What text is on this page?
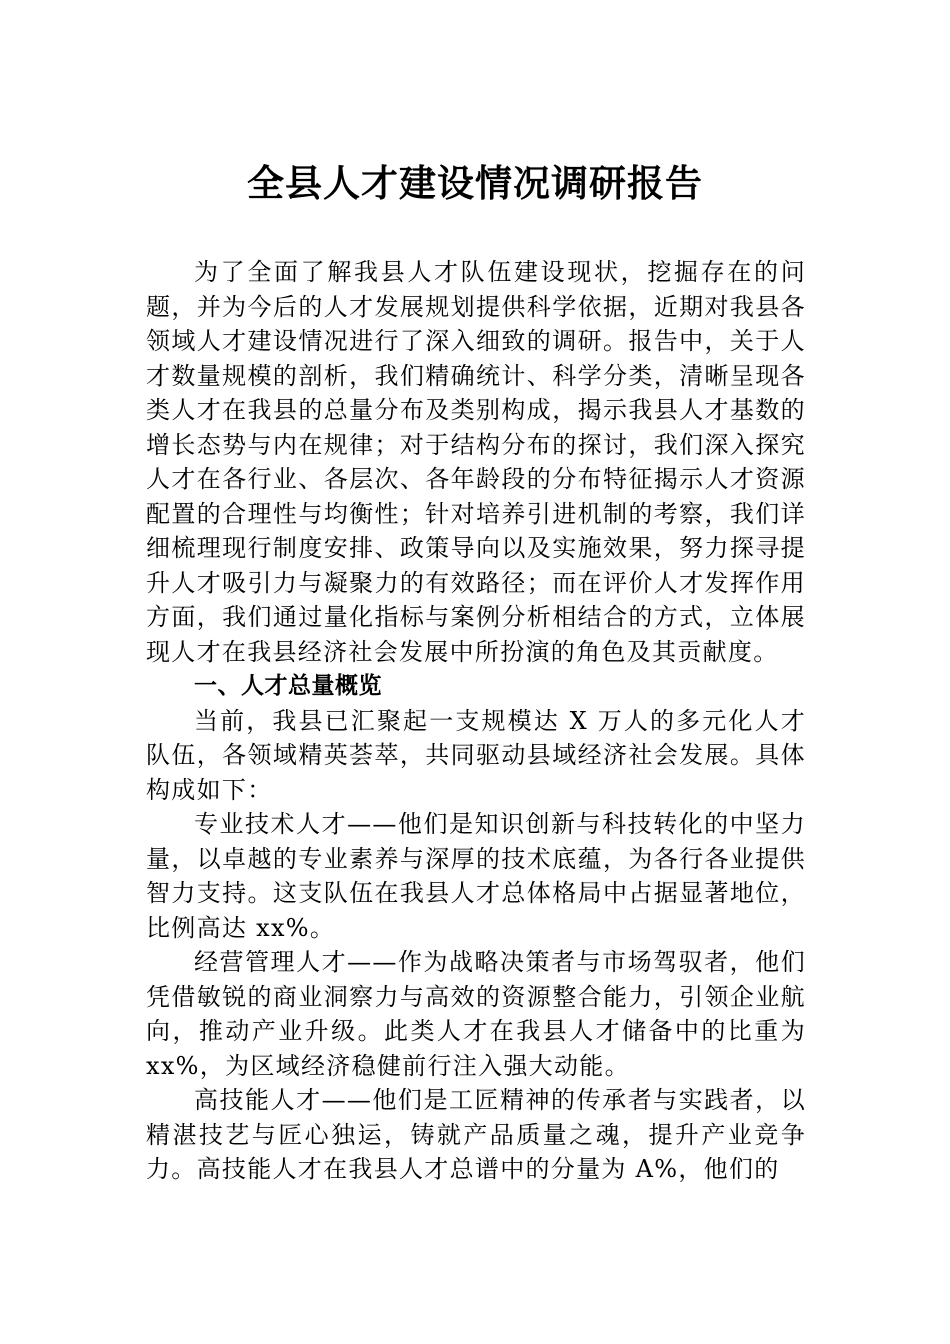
全县人才建设情况调研报告

为了全面了解我县人才队伍建设现状，挖掘存在的问题，并为今后的人才发展规划提供科学依据，近期对我县各领域人才建设情况进行了深入细致的调研。报告中，关于人才数量规模的剖析，我们精确统计、科学分类，清晰呈现各类人才在我县的总量分布及类别构成，揭示我县人才基数的增长态势与内在规律；对于结构分布的探讨，我们深入探究人才在各行业、各层次、各年龄段的分布特征揭示人才资源配置的合理性与均衡性；针对培养引进机制的考察，我们详细梳理现行制度安排、政策导向以及实施效果，努力探寻提升人才吸引力与凝聚力的有效路径；而在评价人才发挥作用方面，我们通过量化指标与案例分析相结合的方式，立体展现人才在我县经济社会发展中所扮演的角色及其贡献度。

一、人才总量概览

当前，我县已汇聚起一支规模达 X 万人的多元化人才队伍，各领域精英荟萃，共同驱动县域经济社会发展。具体构成如下：

专业技术人才——他们是知识创新与科技转化的中坚力量，以卓越的专业素养与深厚的技术底蕴，为各行各业提供智力支持。这支队伍在我县人才总体格局中占据显著地位，比例高达 xx%。

经营管理人才——作为战略决策者与市场驾驭者，他们凭借敏锐的商业洞察力与高效的资源整合能力，引领企业航向，推动产业升级。此类人才在我县人才储备中的比重为 xx%，为区域经济稳健前行注入强大动能。

高技能人才——他们是工匠精神的传承者与实践者，以精湛技艺与匠心独运，铸就产品质量之魂，提升产业竞争力。高技能人才在我县人才总谱中的分量为 A%，他们的
